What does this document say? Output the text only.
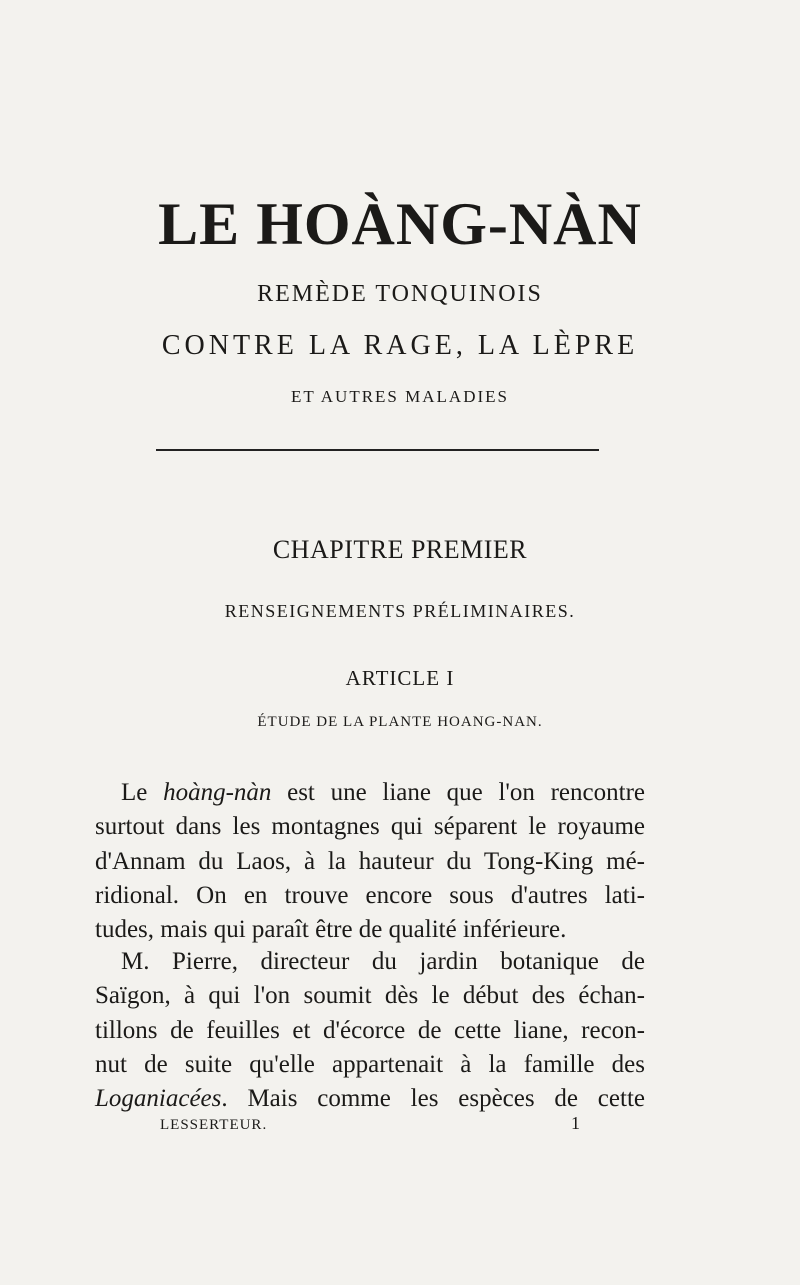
LE HOÀNG-NÀN
REMÈDE TONQUINOIS
CONTRE LA RAGE, LA LÈPRE
ET AUTRES MALADIES
CHAPITRE PREMIER
RENSEIGNEMENTS PRÉLIMINAIRES.
ARTICLE I
ÉTUDE DE LA PLANTE HOANG-NAN.
Le hoàng-nàn est une liane que l'on rencontre
surtout dans les montagnes qui séparent le royaume
d'Annam du Laos, à la hauteur du Tong-King mé-
ridional. On en trouve encore sous d'autres lati-
tudes, mais qui paraît être de qualité inférieure.
M. Pierre, directeur du jardin botanique de
Saïgon, à qui l'on soumit dès le début des échan-
tillons de feuilles et d'écorce de cette liane, recon-
nut de suite qu'elle appartenait à la famille des
Loganiacées. Mais comme les espèces de cette
LESSERTEUR.	1
